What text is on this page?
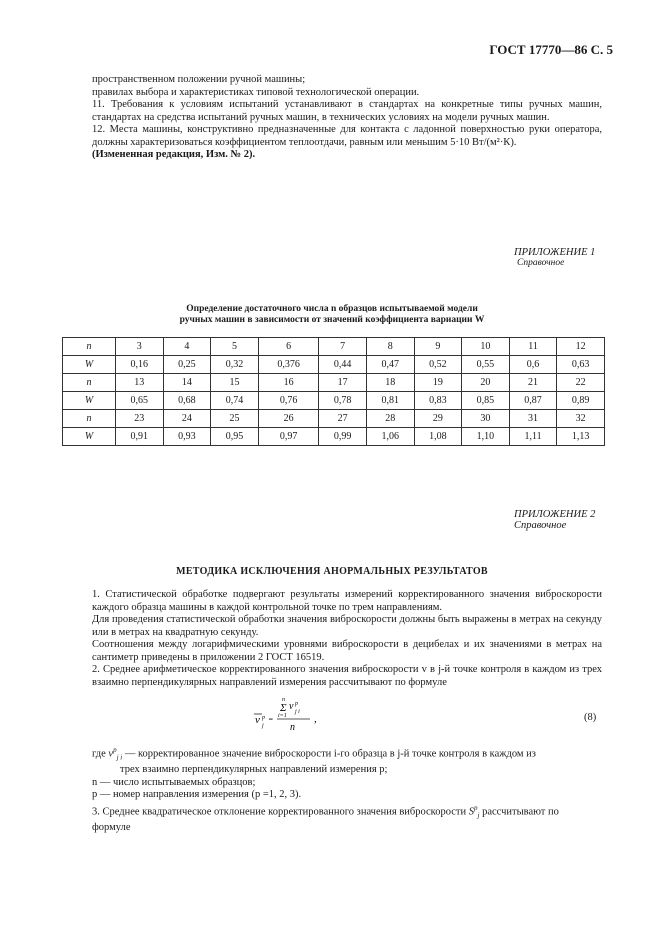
ГОСТ 17770—86 С. 5

пространственном положении ручной машины;

правилах выбора и характеристиках типовой технологической операции.

11. Требования к условиям испытаний устанавливают в стандартах на конкретные типы ручных машин, стандартах на средства испытаний ручных машин, в технических условиях на модели ручных машин.

12. Места машины, конструктивно предназначенные для контакта с ладонной поверхностью руки оператора, должны характеризоваться коэффициентом теплоотдачи, равным или меньшим 5·10 Вт/(м²·К).

(Измененная редакция, Изм. № 2).

ПРИЛОЖЕНИЕ 1
Справочное
Определение достаточного числа n образцов испытываемой модели
ручных машин в зависимости от значений коэффициента вариации W
n	3	4	5	6	7	8	9	10	11	12
W	0,16	0,25	0,32	0,376	0,44	0,47	0,52	0,55	0,6	0,63
n	13	14	15	16	17	18	19	20	21	22
W	0,65	0,68	0,74	0,76	0,78	0,81	0,83	0,85	0,87	0,89
n	23	24	25	26	27	28	29	30	31	32
W	0,91	0,93	0,95	0,97	0,99	1,06	1,08	1,10	1,11	1,13
ПРИЛОЖЕНИЕ 2
Справочное
МЕТОДИКА ИСКЛЮЧЕНИЯ АНОРМАЛЬНЫХ РЕЗУЛЬТАТОВ

1. Статистической обработке подвергают результаты измерений корректированного значения виброскорости каждого образца машины в каждой контрольной точке по трем направлениям.

Для проведения статистической обработки значения виброскорости должны быть выражены в метрах на секунду или в метрах на квадратную секунду.

Соотношения между логарифмическими уровнями виброскорости в децибелах и их значениями в метрах на сантиметр приведены в приложении 2 ГОСТ 16519.

2. Среднее арифметическое корректированного значения виброскорости v в j-й точке контроля в каждом из трех взаимно перпендикулярных направлений измерения рассчитывают по формуле

n
Σ v p
j i
i=1
n
v p
j
=	,	(8)

где $v^p_{j i}$ — корректированное значение виброскорости i-го образца в j-й точке контроля в каждом из

трех взаимно перпендикулярных направлений измерения p;

n — число испытываемых образцов;

p — номер направления измерения (p =1, 2, 3).

3. Среднее квадратическое отклонение корректированного значения виброскорости $S^p_j$ рассчитывают по

формуле
